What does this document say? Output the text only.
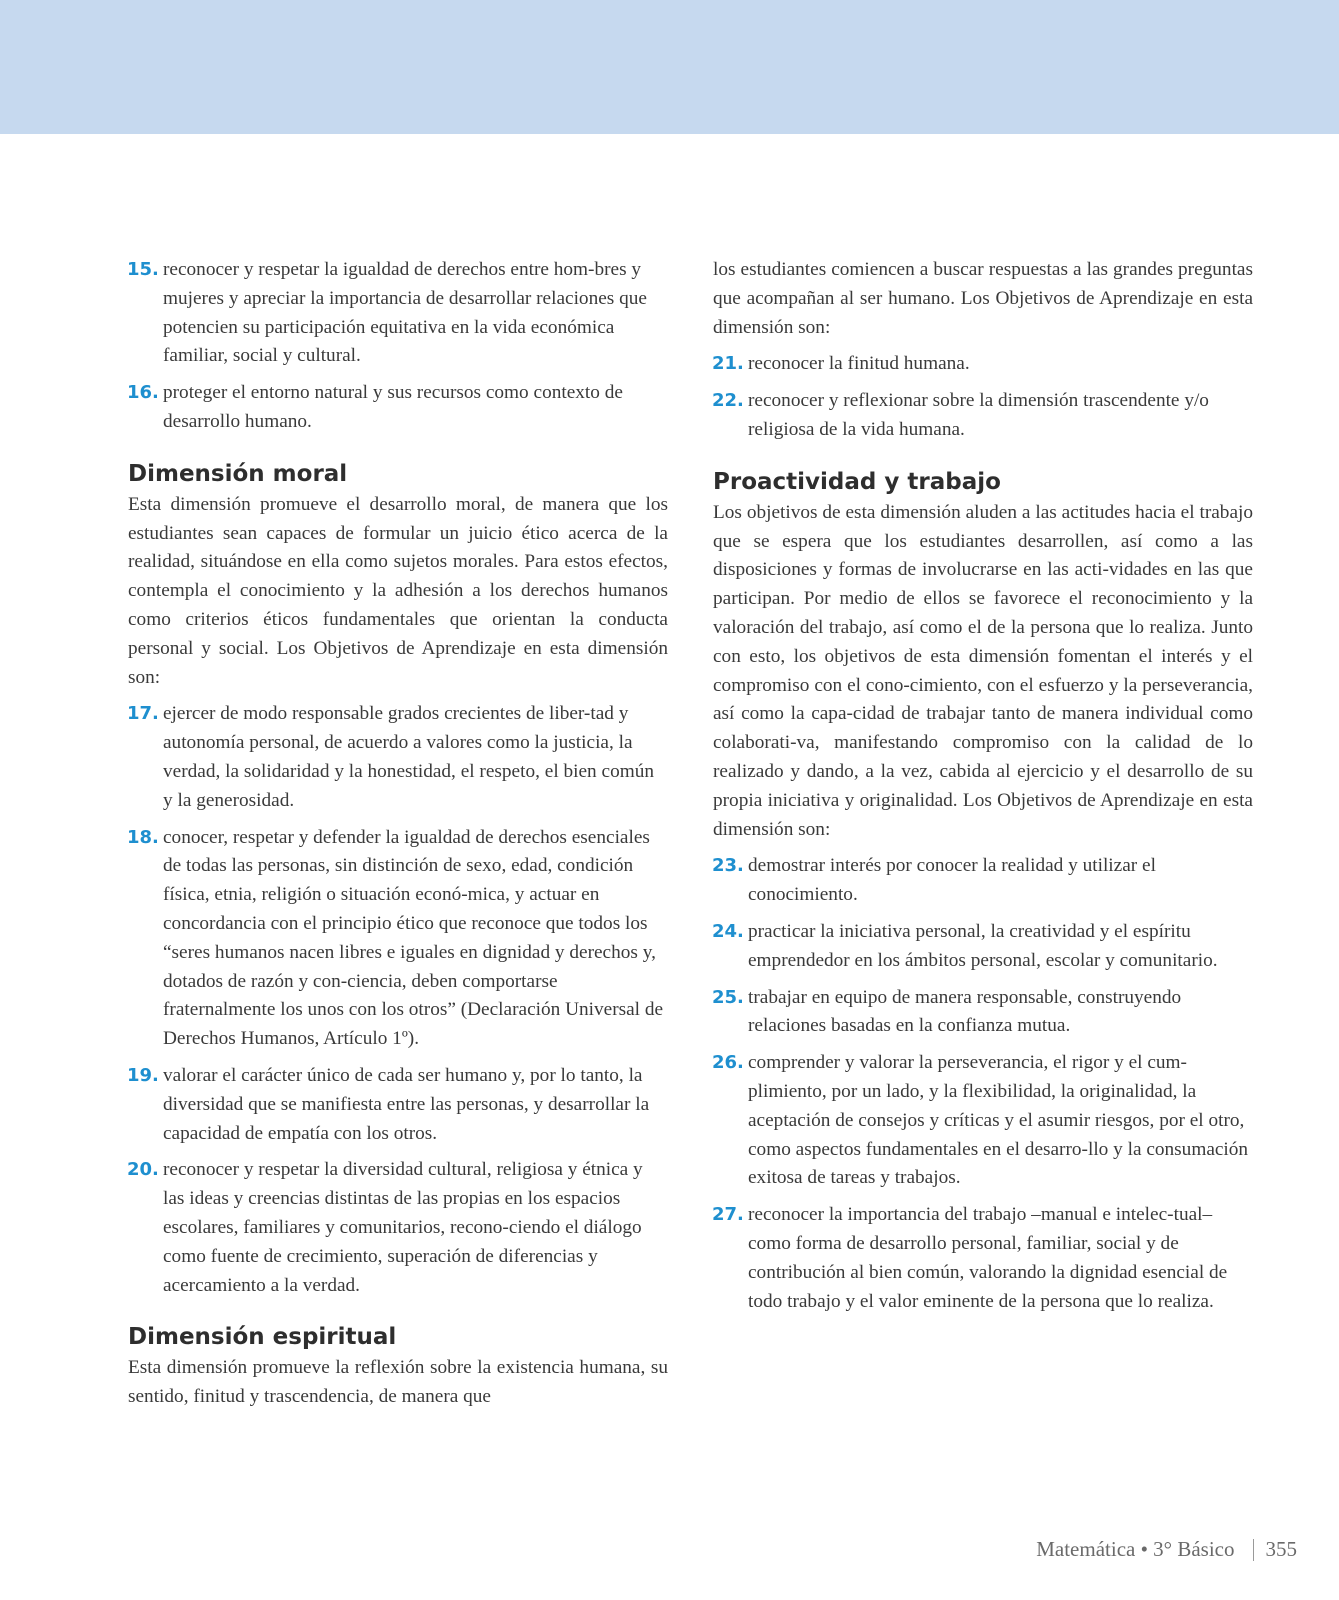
15. reconocer y respetar la igualdad de derechos entre hom-bres y mujeres y apreciar la importancia de desarrollar relaciones que potencien su participación equitativa en la vida económica familiar, social y cultural.
16. proteger el entorno natural y sus recursos como contexto de desarrollo humano.
Dimensión moral

Esta dimensión promueve el desarrollo moral, de manera que los estudiantes sean capaces de formular un juicio ético acerca de la realidad, situándose en ella como sujetos morales. Para estos efectos, contempla el conocimiento y la adhesión a los derechos humanos como criterios éticos fundamentales que orientan la conducta personal y social. Los Objetivos de Aprendizaje en esta dimensión son:

17. ejercer de modo responsable grados crecientes de liber-tad y autonomía personal, de acuerdo a valores como la justicia, la verdad, la solidaridad y la honestidad, el respeto, el bien común y la generosidad.
18. conocer, respetar y defender la igualdad de derechos esenciales de todas las personas, sin distinción de sexo, edad, condición física, etnia, religión o situación econó-mica, y actuar en concordancia con el principio ético que reconoce que todos los “seres humanos nacen libres e iguales en dignidad y derechos y, dotados de razón y con-ciencia, deben comportarse fraternalmente los unos con los otros” (Declaración Universal de Derechos Humanos, Artículo 1º).
19. valorar el carácter único de cada ser humano y, por lo tanto, la diversidad que se manifiesta entre las personas, y desarrollar la capacidad de empatía con los otros.
20. reconocer y respetar la diversidad cultural, religiosa y étnica y las ideas y creencias distintas de las propias en los espacios escolares, familiares y comunitarios, recono-ciendo el diálogo como fuente de crecimiento, superación de diferencias y acercamiento a la verdad.
Dimensión espiritual

Esta dimensión promueve la reflexión sobre la existencia humana, su sentido, finitud y trascendencia, de manera que

los estudiantes comiencen a buscar respuestas a las grandes preguntas que acompañan al ser humano. Los Objetivos de Aprendizaje en esta dimensión son:

21. reconocer la finitud humana.
22. reconocer y reflexionar sobre la dimensión trascendente y/o religiosa de la vida humana.
Proactividad y trabajo

Los objetivos de esta dimensión aluden a las actitudes hacia el trabajo que se espera que los estudiantes desarrollen, así como a las disposiciones y formas de involucrarse en las acti-vidades en las que participan. Por medio de ellos se favorece el reconocimiento y la valoración del trabajo, así como el de la persona que lo realiza. Junto con esto, los objetivos de esta dimensión fomentan el interés y el compromiso con el cono-cimiento, con el esfuerzo y la perseverancia, así como la capa-cidad de trabajar tanto de manera individual como colaborati-va, manifestando compromiso con la calidad de lo realizado y dando, a la vez, cabida al ejercicio y el desarrollo de su propia iniciativa y originalidad. Los Objetivos de Aprendizaje en esta dimensión son:

23. demostrar interés por conocer la realidad y utilizar el conocimiento.
24. practicar la iniciativa personal, la creatividad y el espíritu emprendedor en los ámbitos personal, escolar y comunitario.
25. trabajar en equipo de manera responsable, construyendo relaciones basadas en la confianza mutua.
26. comprender y valorar la perseverancia, el rigor y el cum-plimiento, por un lado, y la flexibilidad, la originalidad, la aceptación de consejos y críticas y el asumir riesgos, por el otro, como aspectos fundamentales en el desarro-llo y la consumación exitosa de tareas y trabajos.
27. reconocer la importancia del trabajo –manual e intelec-tual– como forma de desarrollo personal, familiar, social y de contribución al bien común, valorando la dignidad esencial de todo trabajo y el valor eminente de la persona que lo realiza.
Matemática • 3° Básico 355
